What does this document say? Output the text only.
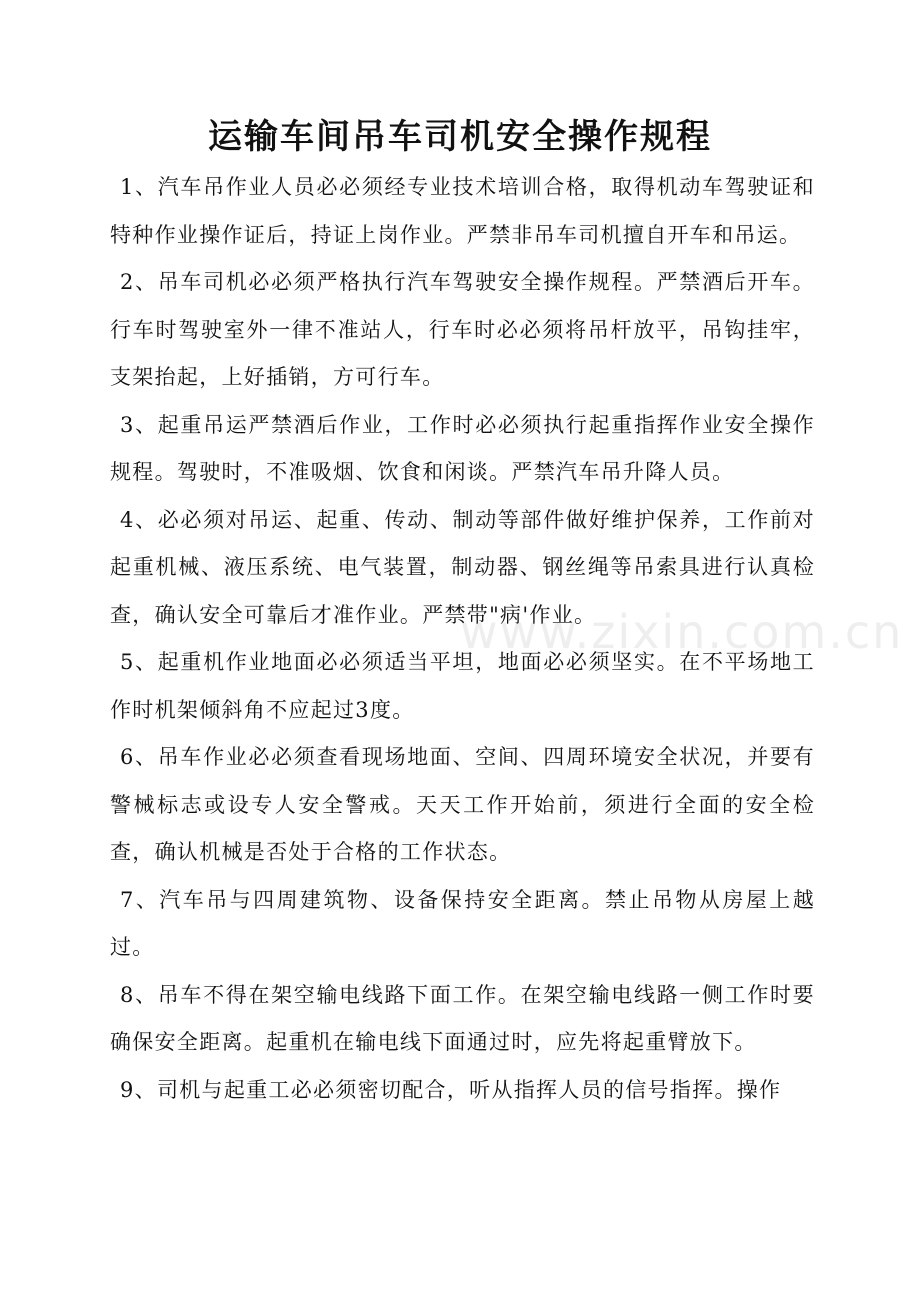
运输车间吊车司机安全操作规程

1、汽车吊作业人员必必须经专业技术培训合格，取得机动车驾驶证和特种作业操作证后，持证上岗作业。严禁非吊车司机擅自开车和吊运。

2、吊车司机必必须严格执行汽车驾驶安全操作规程。严禁酒后开车。行车时驾驶室外一律不准站人，行车时必必须将吊杆放平，吊钩挂牢，支架抬起，上好插销，方可行车。

3、起重吊运严禁酒后作业，工作时必必须执行起重指挥作业安全操作规程。驾驶时，不准吸烟、饮食和闲谈。严禁汽车吊升降人员。

4、必必须对吊运、起重、传动、制动等部件做好维护保养，工作前对起重机械、液压系统、电气装置，制动器、钢丝绳等吊索具进行认真检查，确认安全可靠后才准作业。严禁带"病'作业。

5、起重机作业地面必必须适当平坦，地面必必须坚实。在不平场地工作时机架倾斜角不应起过3度。

6、吊车作业必必须查看现场地面、空间、四周环境安全状况，并要有警械标志或设专人安全警戒。天天工作开始前，须进行全面的安全检查，确认机械是否处于合格的工作状态。

7、汽车吊与四周建筑物、设备保持安全距离。禁止吊物从房屋上越过。

8、吊车不得在架空输电线路下面工作。在架空输电线路一侧工作时要确保安全距离。起重机在输电线下面通过时，应先将起重臂放下。

9、司机与起重工必必须密切配合，听从指挥人员的信号指挥。操作

www.zixin.com.cn
